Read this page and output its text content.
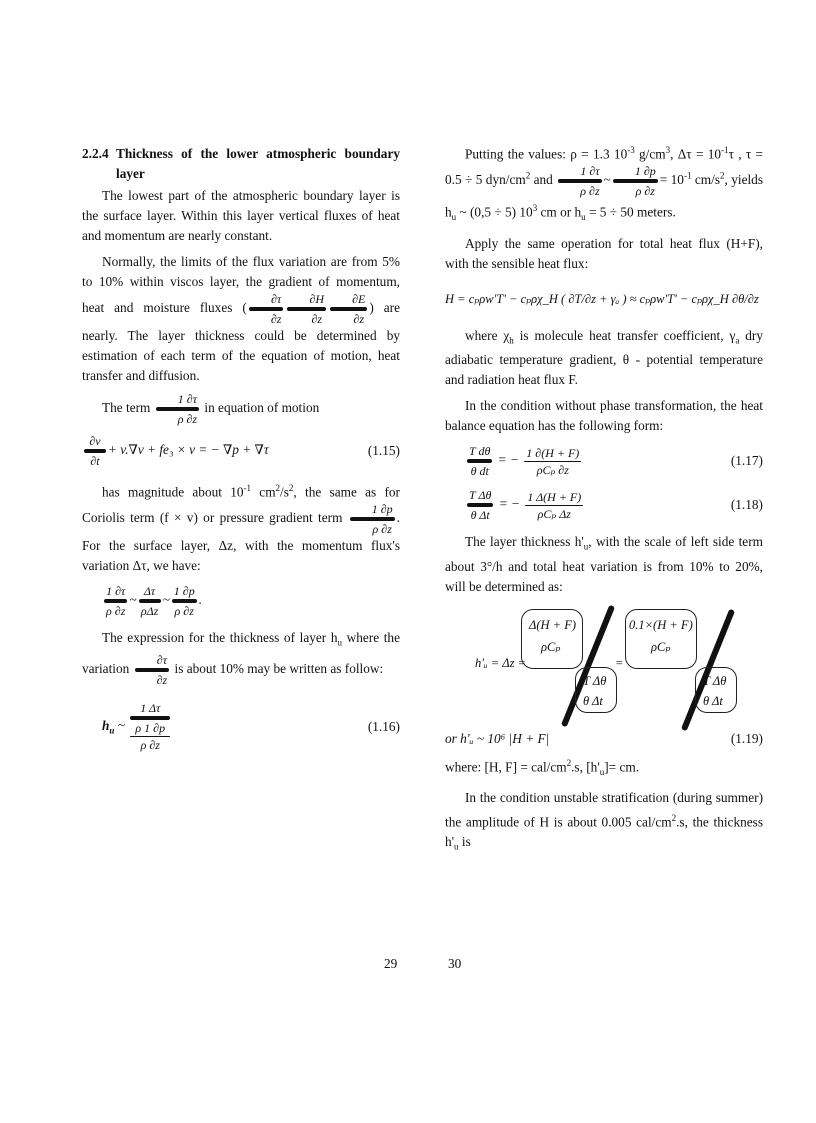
2.2.4 Thickness of the lower atmospheric boundary layer

The lowest part of the atmospheric boundary layer is the surface layer. Within this layer vertical fluxes of heat and momentum are nearly constant.

Normally, the limits of the flux variation are from 5% to 10% within viscos layer, the gradient of momentum, heat and moisture fluxes ( $\frac{\partial\tau}{\partial z} \frac{\partial H}{\partial z} \frac{\partial E}{\partial z}$ ) are nearly. The layer thickness could be determined by estimation of each term of the equation of motion, heat transfer and diffusion.

The term $\frac{1 \partial\tau}{\rho \partial z}$ in equation of motion

$\frac{\partial v}{\partial t} + v.\nabla v + fe_3 \times v$ = − ∇p + ∇τ	(1.15)

has magnitude about $10^{-1}$ $cm^2/s^2$, the same as for Coriolis term (f × v) or pressure gradient term $\frac{1 \partial p}{\rho \partial z}$ . For the surface layer, Δz, with the momentum flux's variation Δτ, we have:

$\frac{1 \partial\tau}{\rho \partial z}$ ~ $\frac{\Delta\tau}{\text{ρΔz}}$ ~ $\frac{1 \partial p}{\rho \partial z}$ .

The expression for the thickness of layer $h_u$ where the variation $\frac{\partial\tau}{\partial z}$ is about 10% may be written as follow:

$h_u$ ~
1 Δτ
ρ 1 ∂p
ρ ∂z
(1.16)
29

Putting the values: ρ = 1.3 $10^{-3}$ $g/cm^3$, $\Delta\tau = 10^{-1}\tau$ , τ = 0.5 ÷ 5 dyn/$cm^2$ and $\frac{1 \partial\tau}{\rho \partial z}$ ~ $\frac{1 \partial p}{\rho \partial z} = 10^{-1}$ $cm/s^2$, yields $h_u$ ~ (0,5 ÷ 5) $10^3$ cm or $h_u = 5 \div 50$ meters.

Apply the same operation for total heat flux (H+F), with the sensible heat flux:

H = cₚρw'T' − cₚρχ_H ( ∂T/∂z + γₐ ) ≈ cₚρw'T' − cₚρχ_H ∂θ/∂z

where $\chi_h$ is molecule heat transfer coefficient, $\gamma_a$ dry adiabatic temperature gradient, θ - potential temperature and radiation heat flux F.

In the condition without phase transformation, the heat balance equation has the following form:

$\frac{\text{T dθ}}{\text{θ dt}}$ = − $\frac{1 \partial(H + F)}{\text{ρCₚ ∂z}}$	(1.17)
$\frac{\text{T Δθ}}{\text{θ Δt}}$ = − $\frac{1 \Delta(H + F)}{\text{ρCₚ Δz}}$	(1.18)

The layer thickness $h'_u$, with the scale of left side term about 3°/h and total heat variation is from 10% to 20%, will be determined as:

h'ᵤ = Δz =
Δ(H + F)
ρCₚ
T Δθ
θ Δt
=
0.1×(H + F)
ρCₚ
T Δθ
θ Δt
or h'ᵤ ~ 10⁶ |H + F|	(1.19)

where: [H, F] = cal/$cm^2.s$, $[h'_u]=$ cm.

In the condition unstable stratification (during summer) the amplitude of H is about 0.005 cal/$cm^2.s$, the thickness $h'_u$ is

30
